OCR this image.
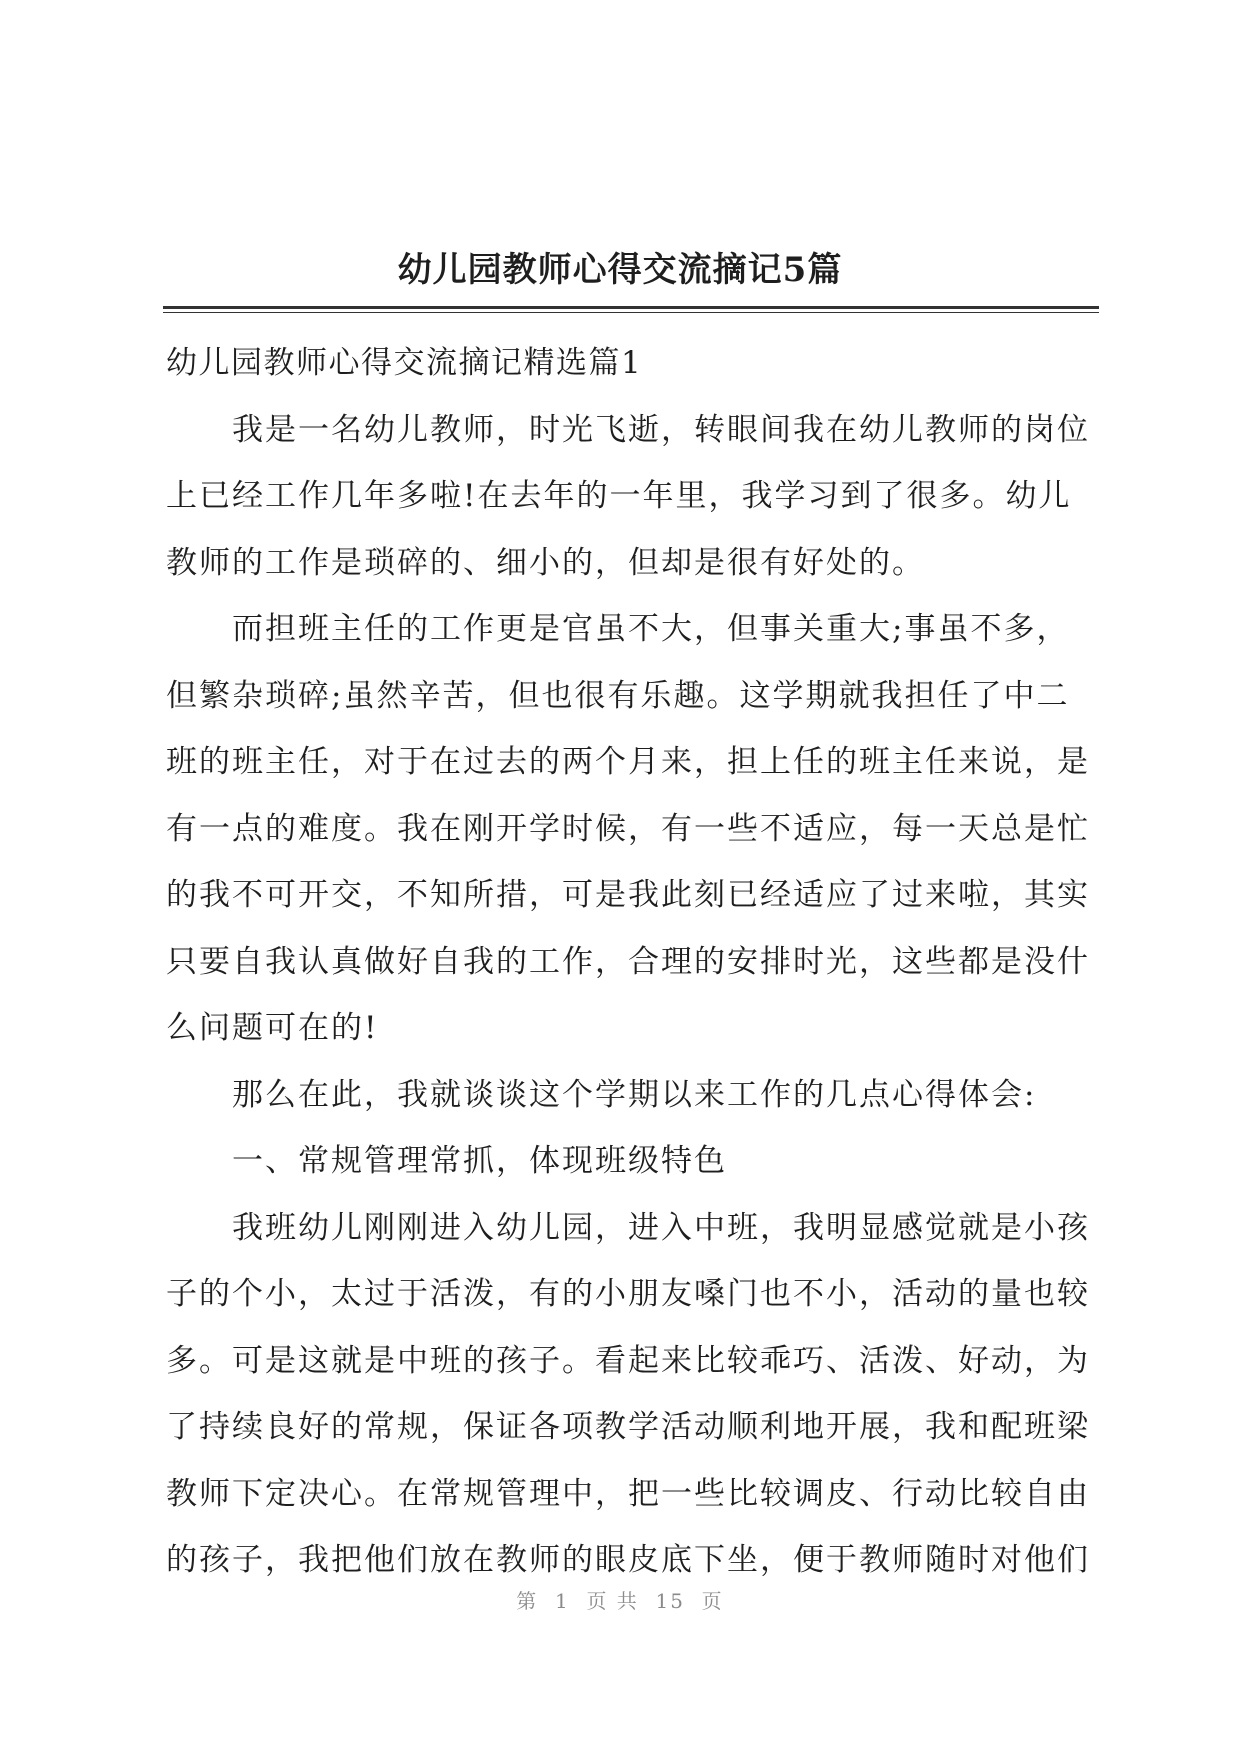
幼儿园教师心得交流摘记5篇

幼儿园教师心得交流摘记精选篇1

我是一名幼儿教师，时光飞逝，转眼间我在幼儿教师的岗位上已经工作几年多啦!在去年的一年里，我学习到了很多。幼儿教师的工作是琐碎的、细小的，但却是很有好处的。

而担班主任的工作更是官虽不大，但事关重大;事虽不多，但繁杂琐碎;虽然辛苦，但也很有乐趣。这学期就我担任了中二班的班主任，对于在过去的两个月来，担上任的班主任来说，是有一点的难度。我在刚开学时候，有一些不适应，每一天总是忙的我不可开交，不知所措，可是我此刻已经适应了过来啦，其实只要自我认真做好自我的工作，合理的安排时光，这些都是没什么问题可在的!

那么在此，我就谈谈这个学期以来工作的几点心得体会:

一、常规管理常抓，体现班级特色

我班幼儿刚刚进入幼儿园，进入中班，我明显感觉就是小孩子的个小，太过于活泼，有的小朋友嗓门也不小，活动的量也较多。可是这就是中班的孩子。看起来比较乖巧、活泼、好动，为了持续良好的常规，保证各项教学活动顺利地开展，我和配班梁教师下定决心。在常规管理中，把一些比较调皮、行动比较自由的孩子，我把他们放在教师的眼皮底下坐，便于教师随时对他们

第  1  页 共  15  页
